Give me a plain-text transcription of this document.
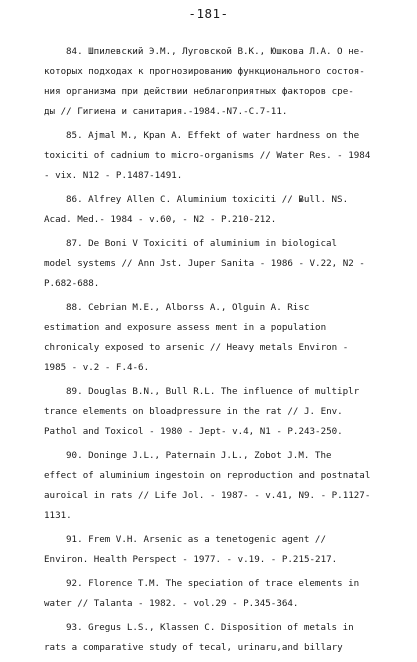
-181-
84. Шпилевский Э.М., Луговской В.К., Юшкова Л.А. О не-
которых подходах к прогнозированию функционального состоя-
ния организма при действии неблагоприятных факторов сре-
ды // Гигиена и санитария.-1984.-N7.-С.7-11.
85. Ajmal M., Kpan A. Effekt of water hardness on the
toxiciti of cadnium to micro-organisms // Water Res. - 1984
- vix. N12 - P.1487-1491.
86. Alfrey Allen C. Aluminium toxiciti // Bull. NS.
Acad. Med.- 1984 - v.60, - N2 - P.210-212.
87. De Boni V Toxiciti of aluminium in biological
model systems // Ann Jst. Juper Sanita - 1986 - V.22, N2 -
P.682-688.
88. Cebrian M.E., Alborss A., Olguin A. Risc
estimation and exposure assess ment in a population
chronicaly exposed to arsenic // Heavy metals Environ -
1985 - v.2 - F.4-6.
89. Douglas B.N., Bull R.L. The influence of multiplr
trance elements on bloadpressure in the rat // J. Env.
Pathol and Toxicol - 1980 - Jept- v.4, N1 - P.243-250.
90. Doninge J.L., Paternain J.L., Zobot J.M. The
effect of aluminium ingestoin on reproduction and postnatal
auroical in rats // Life Jol. - 1987- - v.41, N9. - P.1127-
1131.
91. Frem V.H. Arsenic as a tenetogenic agent //
Environ. Health Perspect - 1977. - v.19. - P.215-217.
92. Florence T.M. The speciation of trace elements in
water // Talanta - 1982. - vol.29 - P.345-364.
93. Gregus L.S., Klassen C. Disposition of metals in
rats a comparative study of tecal, urinaru,and billary
